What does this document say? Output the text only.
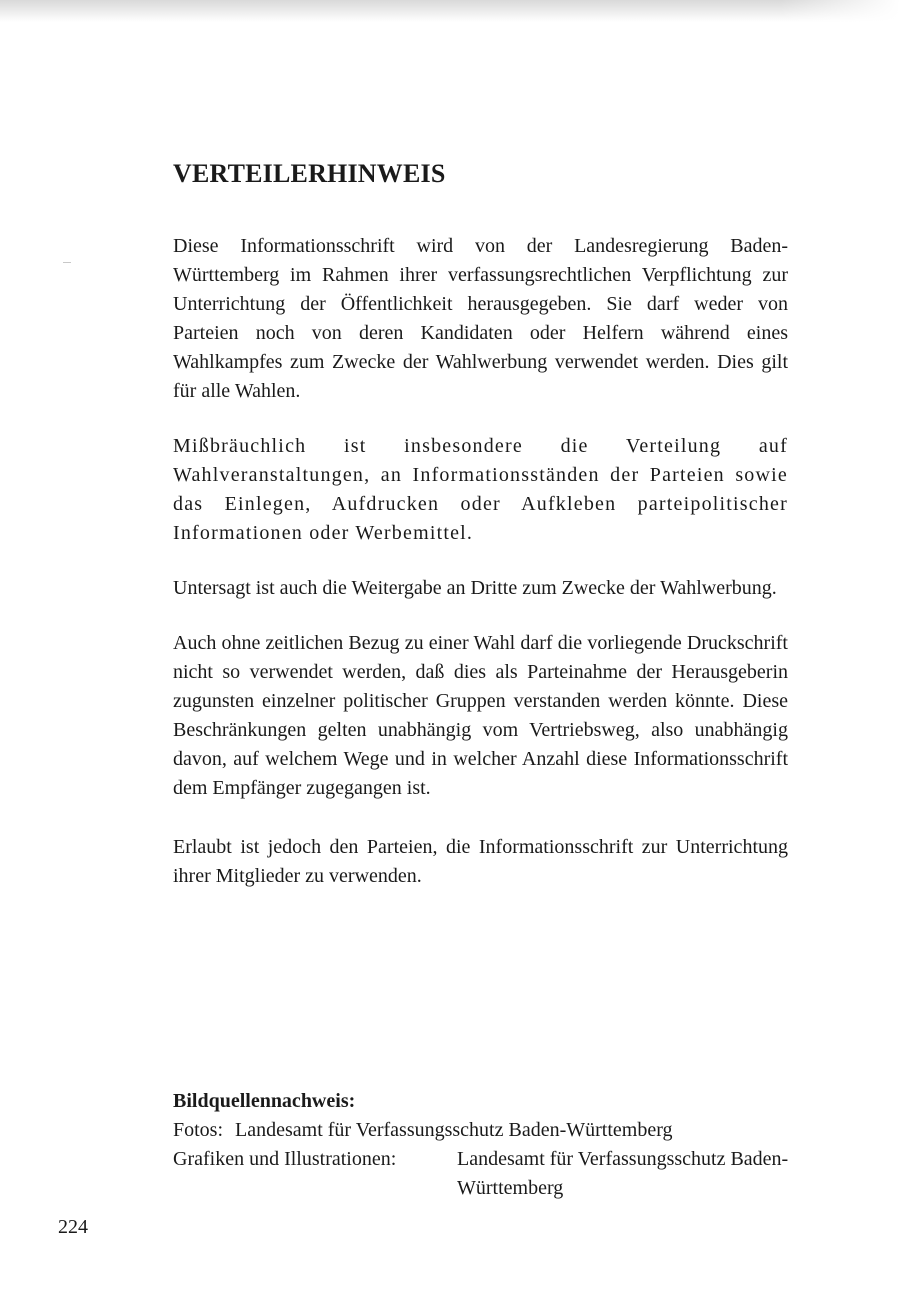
VERTEILERHINWEIS

Diese Informationsschrift wird von der Landesregierung Baden-Württemberg im Rahmen ihrer verfassungsrechtlichen Verpflichtung zur Unterrichtung der Öffentlichkeit herausgegeben. Sie darf weder von Parteien noch von deren Kandidaten oder Helfern während eines Wahlkampfes zum Zwecke der Wahlwerbung verwendet werden. Dies gilt für alle Wahlen.

Mißbräuchlich ist insbesondere die Verteilung auf Wahlveranstaltungen, an Informationsständen der Parteien sowie das Einlegen, Aufdrucken oder Aufkleben parteipolitischer Informationen oder Werbemittel.

Untersagt ist auch die Weitergabe an Dritte zum Zwecke der Wahlwerbung.

Auch ohne zeitlichen Bezug zu einer Wahl darf die vorliegende Druckschrift nicht so verwendet werden, daß dies als Parteinahme der Herausgeberin zugunsten einzelner politischer Gruppen verstanden werden könnte. Diese Beschränkungen gelten unabhängig vom Vertriebsweg, also unabhängig davon, auf welchem Wege und in welcher Anzahl diese Informationsschrift dem Empfänger zugegangen ist.

Erlaubt ist jedoch den Parteien, die Informationsschrift zur Unterrichtung ihrer Mitglieder zu verwenden.

Bildquellennachweis:
Fotos: Landesamt für Verfassungsschutz Baden-Württemberg
Grafiken und Illustrationen:	Landesamt für Verfassungsschutz Baden-Württemberg
224
